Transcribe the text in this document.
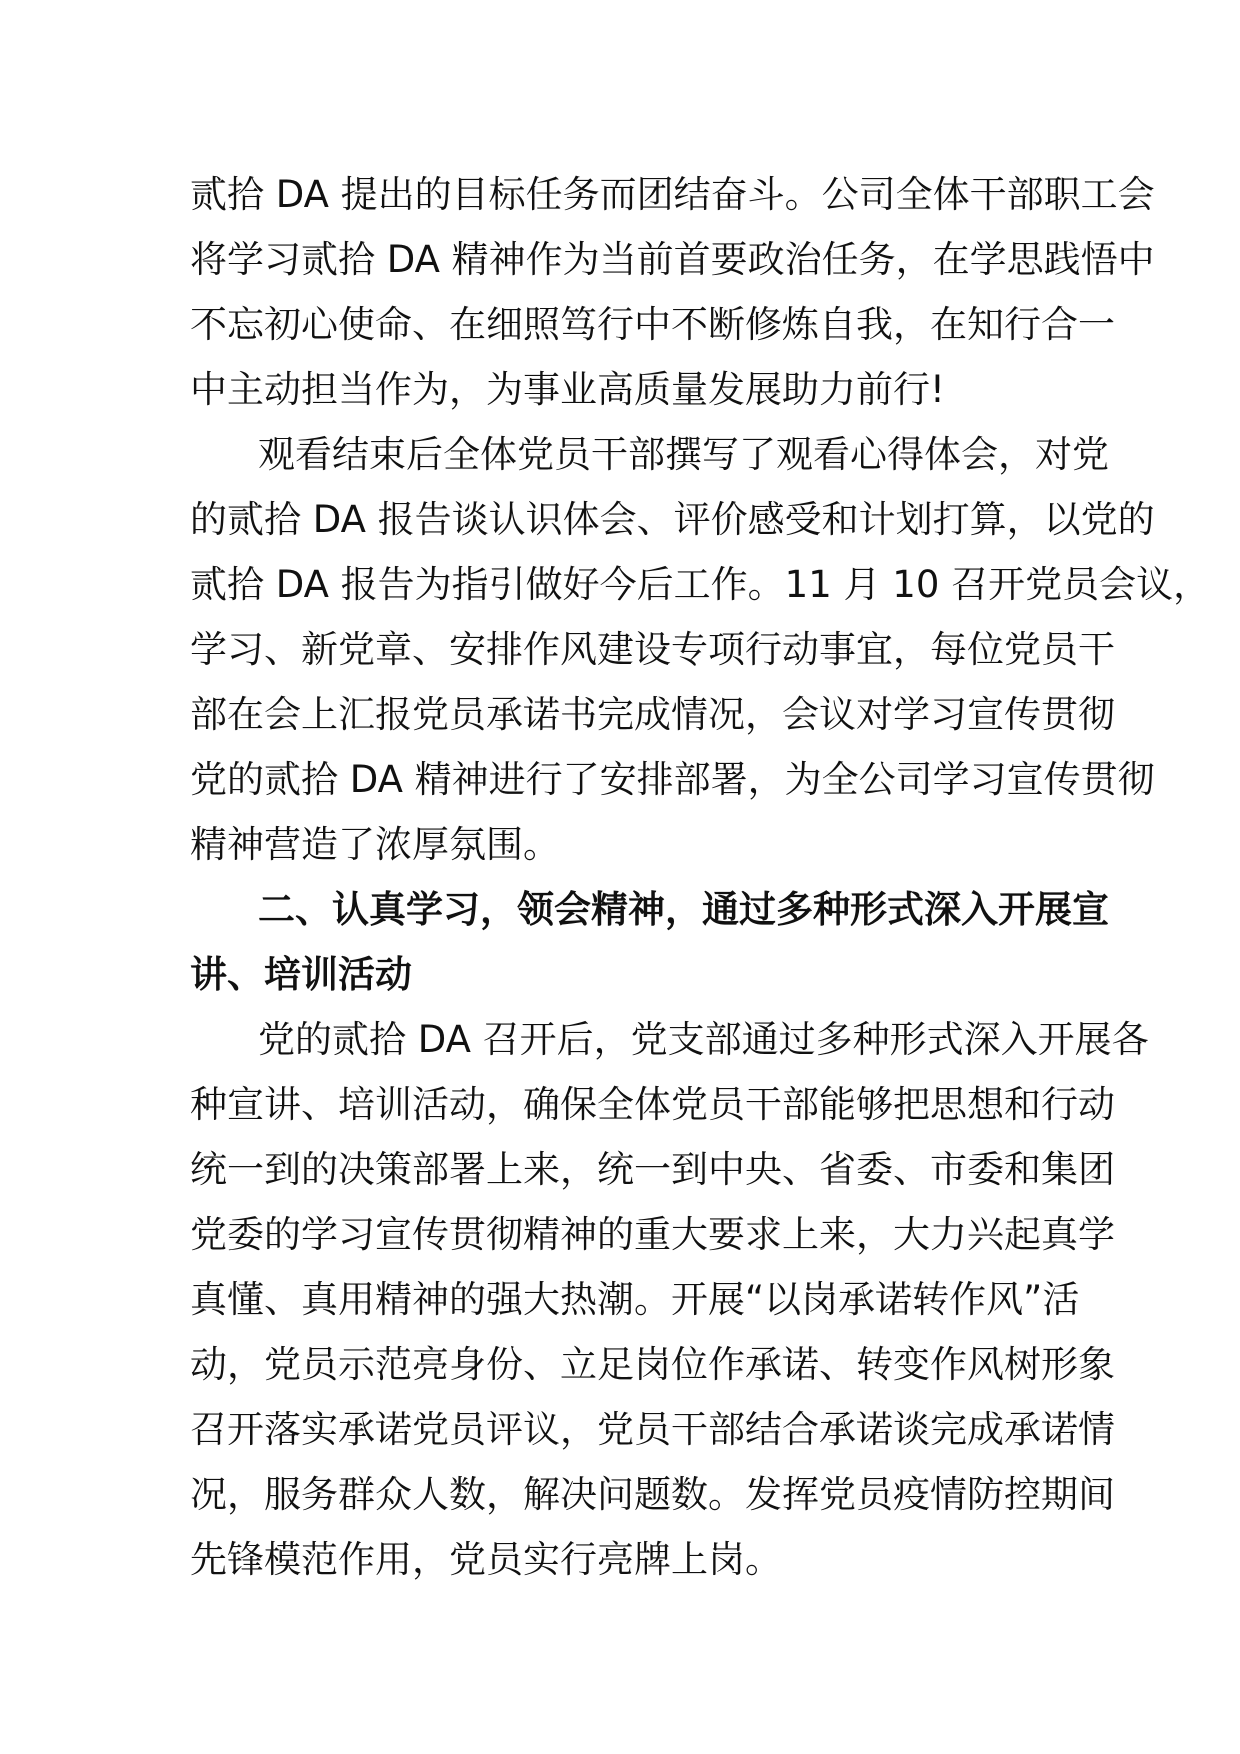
贰拾 DA 提出的目标任务而团结奋斗。公司全体干部职工会
将学习贰拾 DA 精神作为当前首要政治任务，在学思践悟中
不忘初心使命、在细照笃行中不断修炼自我，在知行合一
中主动担当作为，为事业高质量发展助力前行!
观看结束后全体党员干部撰写了观看心得体会，对党
的贰拾 DA 报告谈认识体会、评价感受和计划打算，以党的
贰拾 DA 报告为指引做好今后工作。11 月 10 召开党员会议，
学习、新党章、安排作风建设专项行动事宜，每位党员干
部在会上汇报党员承诺书完成情况，会议对学习宣传贯彻
党的贰拾 DA 精神进行了安排部署，为全公司学习宣传贯彻
精神营造了浓厚氛围。
二、认真学习，领会精神，通过多种形式深入开展宣
讲、培训活动
党的贰拾 DA 召开后，党支部通过多种形式深入开展各
种宣讲、培训活动，确保全体党员干部能够把思想和行动
统一到的决策部署上来，统一到中央、省委、市委和集团
党委的学习宣传贯彻精神的重大要求上来，大力兴起真学
真懂、真用精神的强大热潮。开展“以岗承诺转作风”活
动，党员示范亮身份、立足岗位作承诺、转变作风树形象
召开落实承诺党员评议，党员干部结合承诺谈完成承诺情
况，服务群众人数，解决问题数。发挥党员疫情防控期间
先锋模范作用，党员实行亮牌上岗。
